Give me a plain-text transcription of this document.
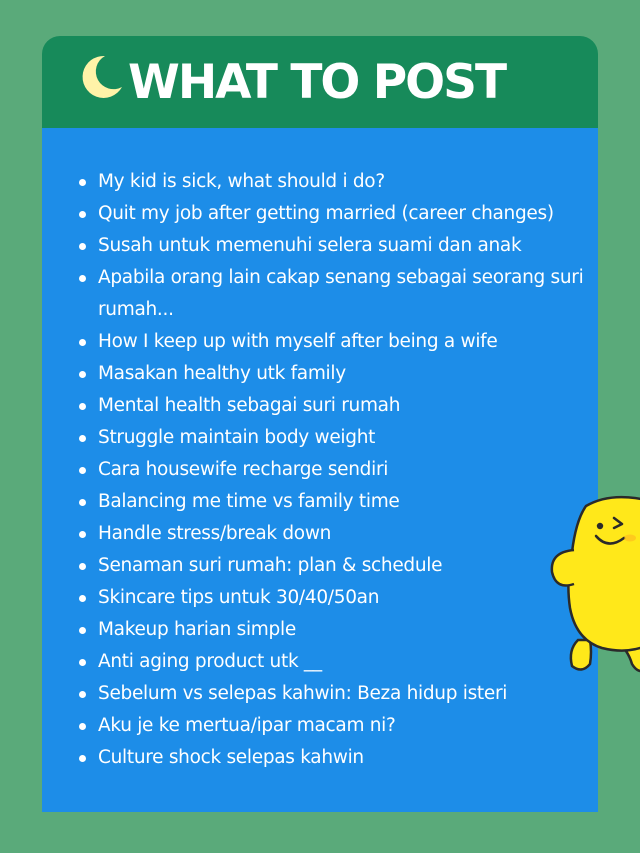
WHAT TO POST
My kid is sick, what should i do?
Quit my job after getting married (career changes)
Susah untuk memenuhi selera suami dan anak
Apabila orang lain cakap senang sebagai seorang suri rumah...
How I keep up with myself after being a wife
Masakan healthy utk family
Mental health sebagai suri rumah
Struggle maintain body weight
Cara housewife recharge sendiri
Balancing me time vs family time
Handle stress/break down
Senaman suri rumah: plan & schedule
Skincare tips untuk 30/40/50an
Makeup harian simple
Anti aging product utk __
Sebelum vs selepas kahwin: Beza hidup isteri
Aku je ke mertua/ipar macam ni?
Culture shock selepas kahwin
